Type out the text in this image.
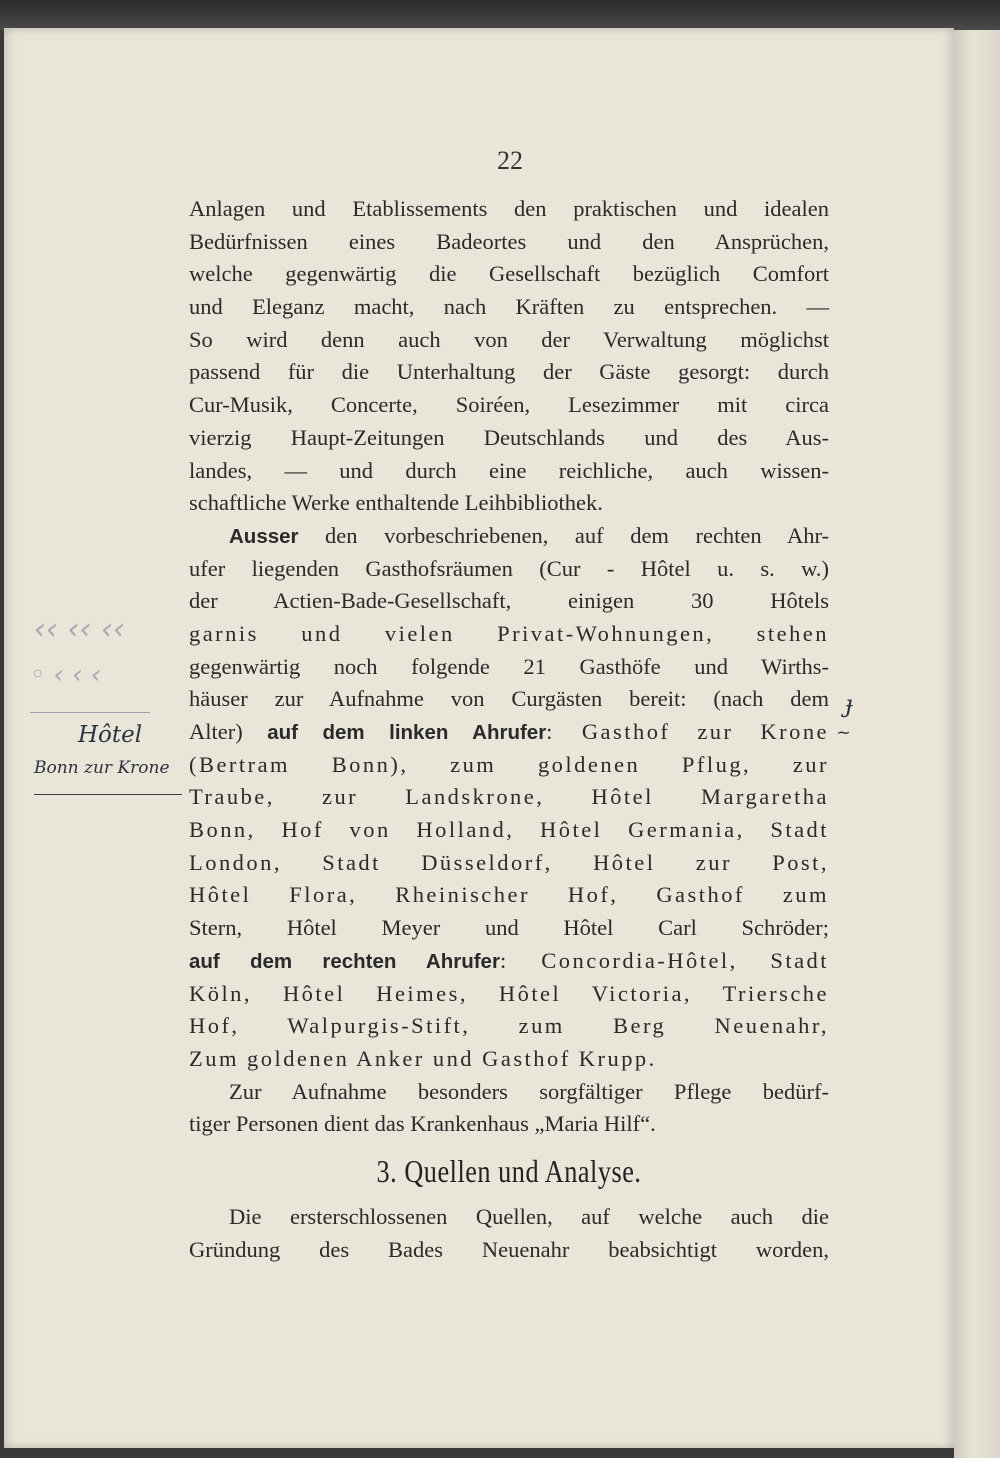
22
Anlagen und Etablissements den praktischen und idealen
Bedürfnissen eines Badeortes und den Ansprüchen,
welche gegenwärtig die Gesellschaft bezüglich Comfort
und Eleganz macht, nach Kräften zu entsprechen. —
So wird denn auch von der Verwaltung möglichst
passend für die Unterhaltung der Gäste gesorgt: durch
Cur-Musik, Concerte, Soiréen, Lesezimmer mit circa
vierzig Haupt-Zeitungen Deutschlands und des Aus-
landes, — und durch eine reichliche, auch wissen-
schaftliche Werke enthaltende Leihbibliothek.
Ausser den vorbeschriebenen, auf dem rechten Ahr-
ufer liegenden Gasthofsräumen (Cur - Hôtel u. s. w.)
der Actien-Bade-Gesellschaft, einigen 30 Hôtels
garnis und vielen Privat-Wohnungen, stehen
gegenwärtig noch folgende 21 Gasthöfe und Wirths-
häuser zur Aufnahme von Curgästen bereit: (nach dem
Alter) auf dem linken Ahrufer: Gasthof zur Krone
(Bertram Bonn), zum goldenen Pflug, zur
Traube, zur Landskrone, Hôtel Margaretha
Bonn, Hof von Holland, Hôtel Germania, Stadt
London, Stadt Düsseldorf, Hôtel zur Post,
Hôtel Flora, Rheinischer Hof, Gasthof zum
Stern, Hôtel Meyer und Hôtel Carl Schröder;
auf dem rechten Ahrufer: Concordia-Hôtel, Stadt
Köln, Hôtel Heimes, Hôtel Victoria, Triersche
Hof, Walpurgis-Stift, zum Berg Neuenahr,
Zum goldenen Anker und Gasthof Krupp.
Zur Aufnahme besonders sorgfältiger Pflege bedürf-
tiger Personen dient das Krankenhaus „Maria Hilf“.
3. Quellen und Analyse.
Die ersterschlossenen Quellen, auf welche auch die
Gründung des Bades Neuenahr beabsichtigt worden,
‹‹ ‹‹ ‹‹
◦ ‹ ‹ ‹
Hôtel
Bonn zur Krone
ɟ
~
